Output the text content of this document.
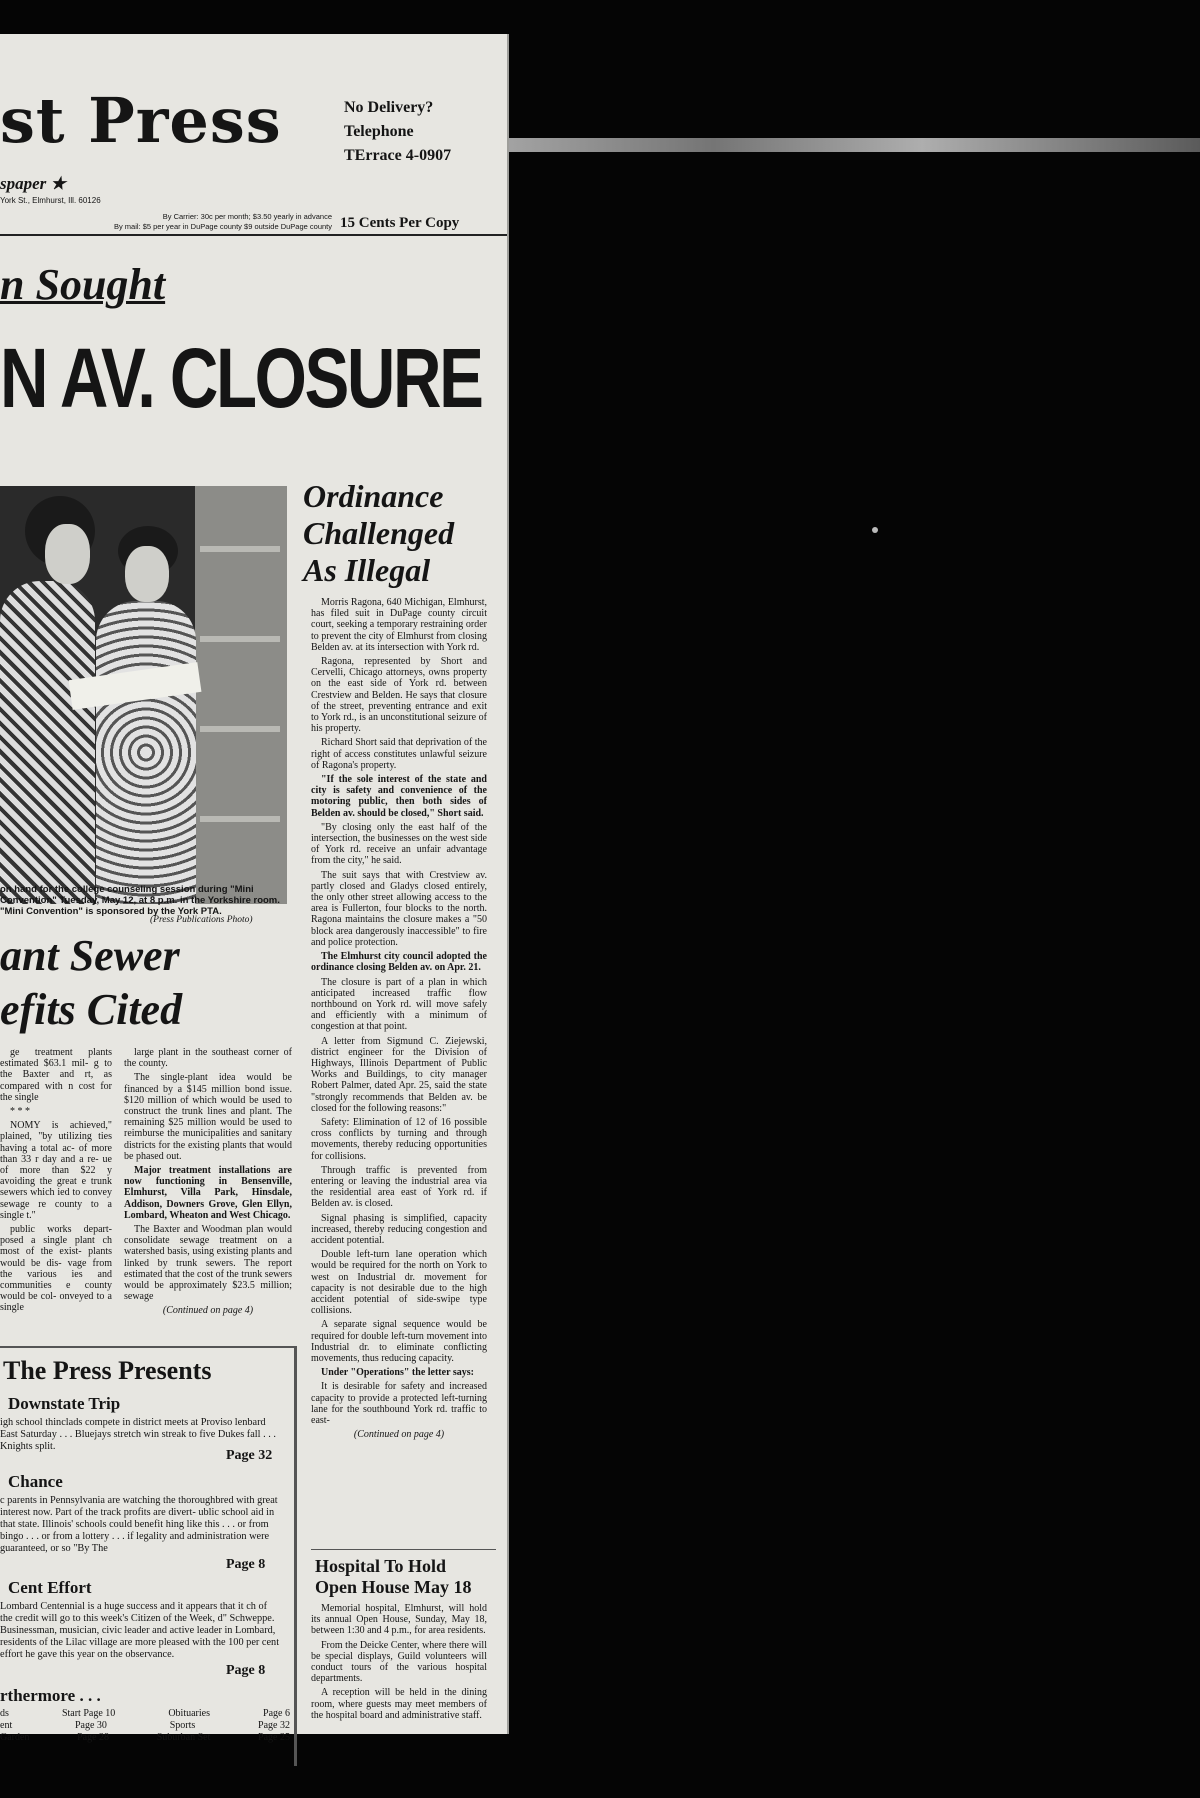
st Press
spaper ★
York St., Elmhurst, Ill. 60126
No Delivery?
Telephone
TErrace 4-0907
By Carrier: 30c per month; $3.50 yearly in advance
By mail: $5 per year in DuPage county $9 outside DuPage county 15 Cents Per Copy
n Sought
N AV. CLOSURE
on hand for the college counseling session during "Mini Convention" Tuesday, May 12, at 8 p.m. in the Yorkshire room. "Mini Convention" is sponsored by the York PTA.
(Press Publications Photo)
Ordinance
Challenged
As Illegal

Morris Ragona, 640 Michigan, Elmhurst, has filed suit in DuPage county circuit court, seeking a temporary restraining order to prevent the city of Elmhurst from closing Belden av. at its intersection with York rd.

Ragona, represented by Short and Cervelli, Chicago attorneys, owns property on the east side of York rd. between Crestview and Belden. He says that closure of the street, preventing entrance and exit to York rd., is an unconstitutional seizure of his property.

Richard Short said that deprivation of the right of access constitutes unlawful seizure of Ragona's property.

"If the sole interest of the state and city is safety and convenience of the motoring public, then both sides of Belden av. should be closed," Short said.

"By closing only the east half of the intersection, the businesses on the west side of York rd. receive an unfair advantage from the city," he said.

The suit says that with Crestview av. partly closed and Gladys closed entirely, the only other street allowing access to the area is Fullerton, four blocks to the north. Ragona maintains the closure makes a "50 block area dangerously inaccessible" to fire and police protection.

The Elmhurst city council adopted the ordinance closing Belden av. on Apr. 21.

The closure is part of a plan in which anticipated increased traffic flow northbound on York rd. will move safely and efficiently with a minimum of congestion at that point.

A letter from Sigmund C. Ziejewski, district engineer for the Division of Highways, Illinois Department of Public Works and Buildings, to city manager Robert Palmer, dated Apr. 25, said the state "strongly recommends that Belden av. be closed for the following reasons:"

Safety: Elimination of 12 of 16 possible cross conflicts by turning and through movements, thereby reducing opportunities for collisions.

Through traffic is prevented from entering or leaving the industrial area via the residential area east of York rd. if Belden av. is closed.

Signal phasing is simplified, capacity increased, thereby reducing congestion and accident potential.

Double left-turn lane operation which would be required for the north on York to west on Industrial dr. movement for capacity is not desirable due to the high accident potential of side-swipe type collisions.

A separate signal sequence would be required for double left-turn movement into Industrial dr. to eliminate conflicting movements, thus reducing capacity.

Under "Operations" the letter says:

It is desirable for safety and increased capacity to provide a protected left-turning lane for the southbound York rd. traffic to east-

(Continued on page 4)
ant Sewer
efits Cited

ge treatment plants estimated $63.1 mil- g to the Baxter and rt, as compared with n cost for the single

* * *

NOMY is achieved," plained, "by utilizing ties having a total ac- of more than 33 r day and a re- ue of more than $22 y avoiding the great e trunk sewers which ied to convey sewage re county to a single t."

public works depart- posed a single plant ch most of the exist- plants would be dis- vage from the various ies and communities e county would be col- onveyed to a single

large plant in the southeast corner of the county.

The single-plant idea would be financed by a $145 million bond issue. $120 million of which would be used to construct the trunk lines and plant. The remaining $25 million would be used to reimburse the municipalities and sanitary districts for the existing plants that would be phased out.

Major treatment installations are now functioning in Bensenville, Elmhurst, Villa Park, Hinsdale, Addison, Downers Grove, Glen Ellyn, Lombard, Wheaton and West Chicago.

The Baxter and Woodman plan would consolidate sewage treatment on a watershed basis, using existing plants and linked by trunk sewers. The report estimated that the cost of the trunk sewers would be approximately $23.5 million; sewage

(Continued on page 4)
The Press Presents
Downstate Trip
igh school thinclads compete in district meets at Proviso lenbard East Saturday . . . Bluejays stretch win streak to five Dukes fall . . . Knights split.
Page 32
Chance
c parents in Pennsylvania are watching the thoroughbred with great interest now. Part of the track profits are divert- ublic school aid in that state. Illinois' schools could benefit hing like this . . . or from bingo . . . or from a lottery . . . if legality and administration were guaranteed, or so "By The
Page 8
Cent Effort
Lombard Centennial is a huge success and it appears that it ch of the credit will go to this week's Citizen of the Week, d" Schweppe. Businessman, musician, civic leader and active leader in Lombard, residents of the Lilac village are more pleased with the 100 per cent effort he gave this year on the observance.
Page 8
rthermore . . .
ds	Start Page 10	Obituaries	Page 6
ent	Page 30	Sports	Page 32
Garden	Page 28	Suburban Set	Page 25
Hospital To Hold
Open House May 18

Memorial hospital, Elmhurst, will hold its annual Open House, Sunday, May 18, between 1:30 and 4 p.m., for area residents.

From the Deicke Center, where there will be special displays, Guild volunteers will conduct tours of the various hospital departments.

A reception will be held in the dining room, where guests may meet members of the hospital board and administrative staff.
